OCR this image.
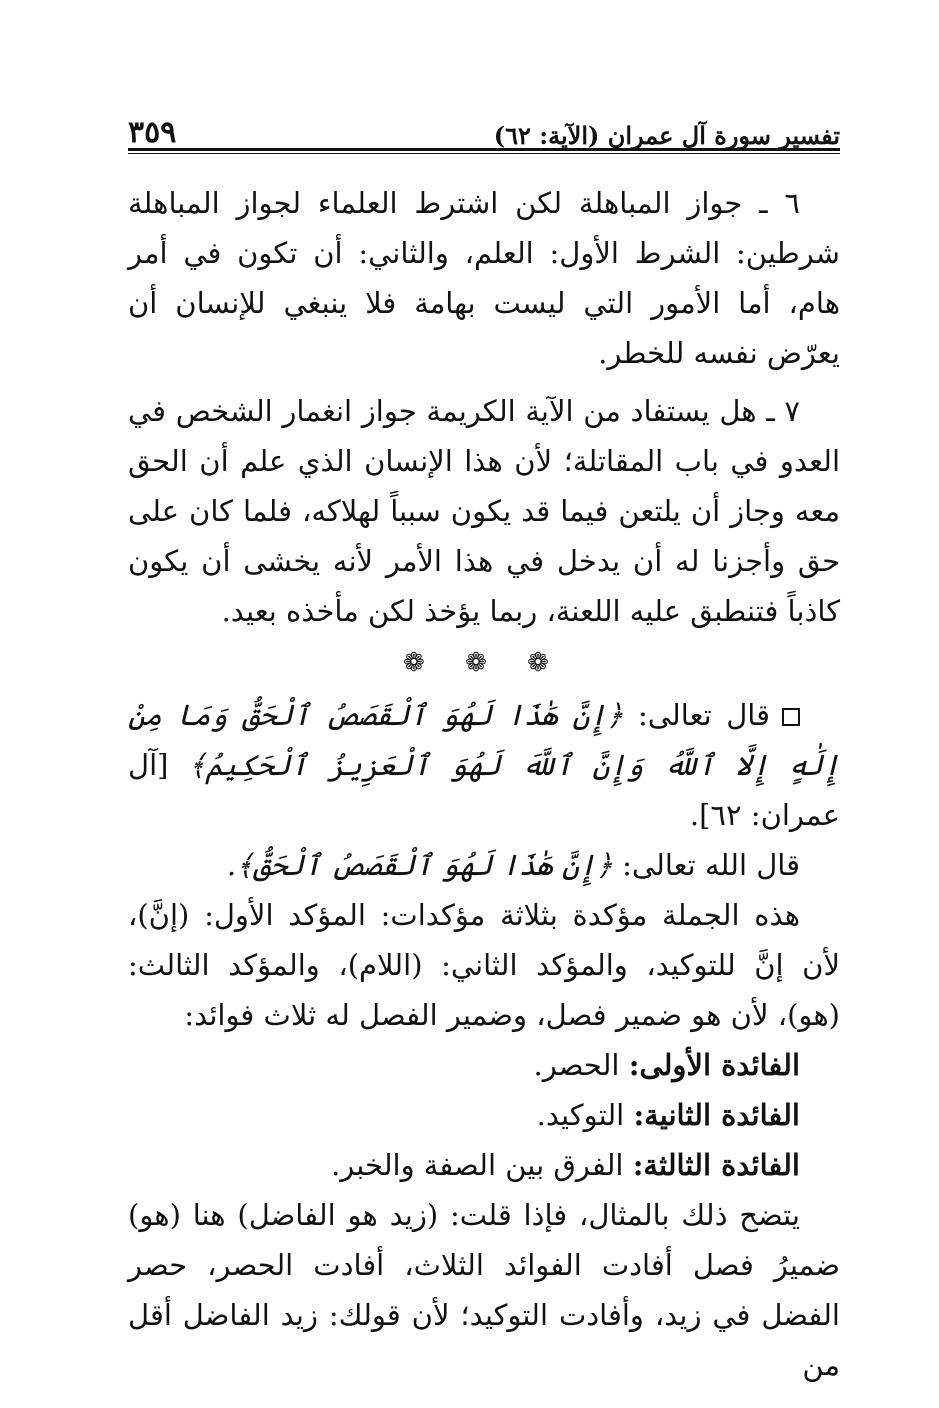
تفسير سورة آل عمران (الآية: ٦٢)
٣٥٩

٦ ـ جواز المباهلة لكن اشترط العلماء لجواز المباهلة شرطين: الشرط الأول: العلم، والثاني: أن تكون في أمر هام، أما الأمور التي ليست بهامة فلا ينبغي للإنسان أن يعرّض نفسه للخطر.

٧ ـ هل يستفاد من الآية الكريمة جواز انغمار الشخص في العدو في باب المقاتلة؛ لأن هذا الإنسان الذي علم أن الحق معه وجاز أن يلتعن فيما قد يكون سبباً لهلاكه، فلما كان على حق وأجزنا له أن يدخل في هذا الأمر لأنه يخشى أن يكون كاذباً فتنطبق عليه اللعنة، ربما يؤخذ لكن مأخذه بعيد.

❁ ❁ ❁

قال تعالى: ﴿إِنَّ هَٰذَا لَهُوَ ٱلْقَصَصُ ٱلْحَقُّ وَمَا مِنْ إِلَٰهٍ إِلَّا ٱللَّهُ وَإِنَّ ٱللَّهَ لَهُوَ ٱلْعَزِيزُ ٱلْحَكِيمُ﴾ [آل عمران: ٦٢].

قال الله تعالى: ﴿إِنَّ هَٰذَا لَهُوَ ٱلْقَصَصُ ٱلْحَقُّ﴾.

هذه الجملة مؤكدة بثلاثة مؤكدات: المؤكد الأول: (إنَّ)، لأن إنَّ للتوكيد، والمؤكد الثاني: (اللام)، والمؤكد الثالث: (هو)، لأن هو ضمير فصل، وضمير الفصل له ثلاث فوائد:

الفائدة الأولى: الحصر.

الفائدة الثانية: التوكيد.

الفائدة الثالثة: الفرق بين الصفة والخبر.

يتضح ذلك بالمثال، فإذا قلت: (زيد هو الفاضل) هنا (هو) ضميرُ فصل أفادت الفوائد الثلاث، أفادت الحصر، حصر الفضل في زيد، وأفادت التوكيد؛ لأن قولك: زيد الفاضل أقل من
